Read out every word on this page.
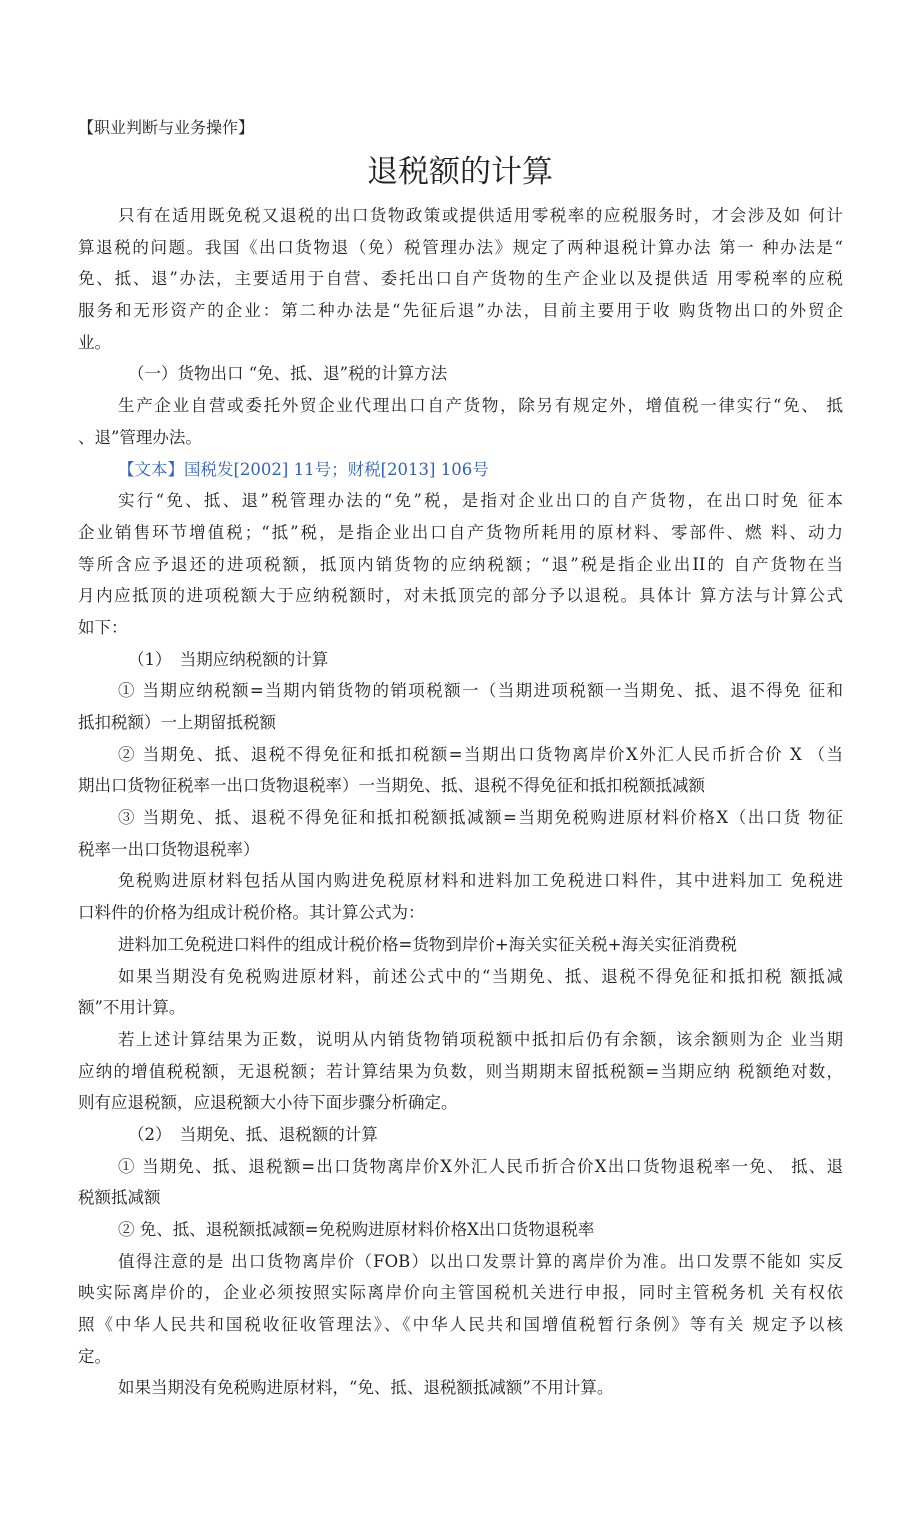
【职业判断与业务操作】
退税额的计算
只有在适用既免税又退税的出口货物政策或提供适用零税率的应税服务时，才会涉及如 何计
算退税的问题。我国《出口货物退（免）税管理办法》规定了两种退税计算办法 第一 种办法是“
免、抵、退”办法，主要适用于自营、委托出口自产货物的生产企业以及提供适 用零税率的应税
服务和无形资产的企业：第二种办法是“先征后退”办法，目前主要用于收 购货物出口的外贸企
业。
（一）货物出口 “免、抵、退”税的计算方法
生产企业自营或委托外贸企业代理出口自产货物，除另有规定外，增值税一律实行“免、 抵
、退”管理办法。
【文本】国税发[2002] 11号；财税[2013] 106号
实行“免、抵、退”税管理办法的“免”税，是指对企业出口的自产货物，在出口时免 征本
企业销售环节增值税；“抵”税，是指企业出口自产货物所耗用的原材料、零部件、燃 料、动力
等所含应予退还的进项税额，抵顶内销货物的应纳税额；“退”税是指企业出II的 自产货物在当
月内应抵顶的进项税额大于应纳税额时，对未抵顶完的部分予以退税。具体计 算方法与计算公式
如下：
（1）　当期应纳税额的计算
① 当期应纳税额=当期内销货物的销项税额一（当期进项税额一当期免、抵、退不得免 征和
抵扣税额）一上期留抵税额
② 当期免、抵、退税不得免征和抵扣税额=当期出口货物离岸价X外汇人民币折合价 X （当
期出口货物征税率一出口货物退税率）一当期免、抵、退税不得免征和抵扣税额抵减额
③ 当期免、抵、退税不得免征和抵扣税额抵减额=当期免税购进原材料价格X（出口货 物征
税率一出口货物退税率）
免税购进原材料包括从国内购进免税原材料和进料加工免税进口料件，其中进料加工 免税进
口料件的价格为组成计税价格。其计算公式为：
进料加工免税进口料件的组成计税价格=货物到岸价+海关实征关税+海关实征消费税
如果当期没有免税购进原材料，前述公式中的“当期免、抵、退税不得免征和抵扣税 额抵减
额”不用计算。
若上述计算结果为正数，说明从内销货物销项税额中抵扣后仍有余额，该余额则为企 业当期
应纳的增值税税额，无退税额；若计算结果为负数，则当期期末留抵税额=当期应纳 税额绝对数，
则有应退税额，应退税额大小待下面步骤分析确定。
（2）　当期免、抵、退税额的计算
① 当期免、抵、退税额=出口货物离岸价X外汇人民币折合价X出口货物退税率一免、 抵、退
税额抵减额
② 免、抵、退税额抵减额=免税购进原材料价格X出口货物退税率
值得注意的是 出口货物离岸价（FOB）以出口发票计算的离岸价为准。出口发票不能如 实反
映实际离岸价的，企业必须按照实际离岸价向主管国税机关进行申报，同时主管税务机 关有权依
照《中华人民共和国税收征收管理法》、《中华人民共和国增值税暂行条例》等有关 规定予以核
定。
如果当期没有免税购进原材料，“免、抵、退税额抵减额”不用计算。
